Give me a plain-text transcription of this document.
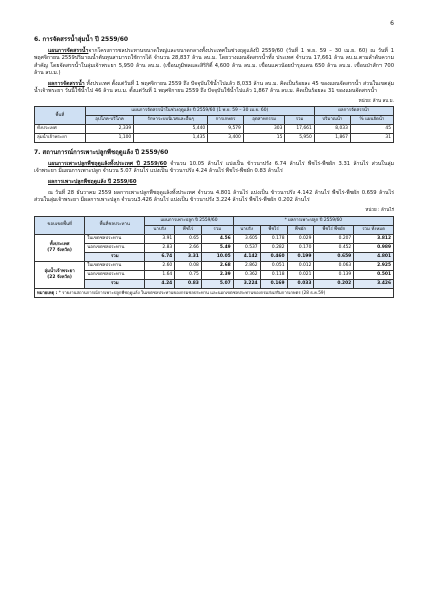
6
6. การจัดสรรน้ำลุ่มน้ำ ปี 2559/60

แผนการจัดสรรน้ำจากโครงการชลประทานขนาดใหญ่และขนาดกลางทั้งประเทศในช่วงฤดูแล้งปี 2559/60 (วันที่ 1 พ.ย. 59 – 30 เม.ย. 60) ณ วันที่ 1 พฤศจิกายน 2559ปริมาณน้ำต้นทุนสามารถใช้การได้ จำนวน 28,837 ล้าน ลบ.ม. โดยวางแผนจัดสรรน้ำทั้ง ประเทศ จำนวน 17,661 ล้าน ลบ.ม.ตามลำดับความสำคัญ โดยจัดสรรน้ำในลุ่มเจ้าพระยา 5,950 ล้าน ลบ.ม. (เขื่อนภูมิพลและสิริกิติ์ 4,600 ล้าน ลบ.ม. เขื่อนแควน้อยบำรุงแดน 650 ล้าน ลบ.ม. เขื่อนป่าสักฯ 700 ล้าน ลบ.ม.)

ผลการจัดสรรน้ำ ทั้งประเทศ ตั้งแต่วันที่ 1 พฤศจิกายน 2559 ถึง ปัจจุบันใช้น้ำไปแล้ว 8,033 ล้าน ลบ.ม. คิดเป็นร้อยละ 45 ของแผนจัดสรรน้ำ ส่วนในเขตลุ่มน้ำเจ้าพระยา วันนี้ใช้น้ำไป 46 ล้าน ลบ.ม. ตั้งแต่วันที่ 1 พฤศจิกายน 2559 ถึง ปัจจุบันใช้น้ำไปแล้ว 1,867 ล้าน ลบ.ม. คิดเป็นร้อยละ 31 ของแผนจัดสรรน้ำ

หน่วย: ล้าน ลบ.ม.
พื้นที่	แผนการจัดสรรน้ำในช่วงฤดูแล้ง ปี 2559/60 (1 พ.ย. 59 – 30 เม.ย. 60)					ผลการจัดสรรน้ำ	
	อุปโภค-บริโภค	รักษาระบบนิเวศและอื่นๆ	การเกษตร	อุตสาหกรรม	รวม	ปริมาณน้ำ	% แผนจัดน้ำ
ทั้งประเทศ	2,339	5,440	9,579	303	17,661	8,033	45
ลุ่มน้ำเจ้าพระยา	1,100	1,435	3,400	15	5,950	1,867	31
7. สถานการณ์การเพาะปลูกพืชฤดูแล้ง ปี 2559/60

แผนการเพาะปลูกพืชฤดูแล้งทั้งประเทศ ปี 2559/60 จำนวน 10.05 ล้านไร่ แบ่งเป็น ข้าวนาปรัง 6.74 ล้านไร่ พืชไร่-พืชผัก 3.31 ล้านไร่ ส่วนในลุ่มเจ้าพระยา มีแผนการเพาะปลูก จำนวน 5.07 ล้านไร่ แบ่งเป็น ข้าวนาปรัง 4.24 ล้านไร่ พืชไร่-พืชผัก 0.83 ล้านไร่

ผลการเพาะปลูกพืชฤดูแล้ง ปี 2559/60

ณ วันที่ 28 ธันวาคม 2559 ผลการเพาะปลูกพืชฤดูแล้งทั้งประเทศ จำนวน 4.801 ล้านไร่ แบ่งเป็น ข้าวนาปรัง 4.142 ล้านไร่ พืชไร่-พืชผัก 0.659 ล้านไร่ ส่วนในลุ่มเจ้าพระยา มีผลการเพาะปลูก จำนวน3.426 ล้านไร่ แบ่งเป็น ข้าวนาปรัง 3.224 ล้านไร่ พืชไร่-พืชผัก 0.202 ล้านไร่

หน่วย : ล้านไร่
ขอบเขตพื้นที่	พื้นที่ชลประทาน	แผนการเพาะปลูก ปี 2559/60			* ผลการเพาะปลูก ปี 2559/60				
		นาปรัง	พืชไร่	รวม	นาปรัง	พืชไร่	พืชผัก	พืชไร่ พืชผัก	รวม ทั้งหมด

ทั้งประเทศ
(77 จังหวัด)	ในเขตชลประทาน	3.91	0.65	4.56	3.605	0.178	0.029	0.207	3.812
	นอกเขตชลประทาน	2.83	2.66	5.49	0.537	0.282	0.170	0.452	0.989
	รวม	6.74	3.31	10.05	4.142	0.460	0.199	0.659	4.801

ลุ่มน้ำเจ้าพระยา
(22 จังหวัด)	ในเขตชลประทาน	2.60	0.08	2.68	2.862	0.051	0.012	0.063	2.925
	นอกเขตชลประทาน	1.64	0.75	2.39	0.362	0.118	0.021	0.139	0.501
	รวม	4.24	0.83	5.07	3.224	0.169	0.033	0.202	3.426
หมายเหตุ : * รายงานสถานการณ์การเพาะปลูกพืชฤดูแล้ง ในเขตชลประทานของกรมชลประทาน และนอกเขตชลประทานของกรมส่งเสริมการเกษตร (28 ธ.ค.59)									
